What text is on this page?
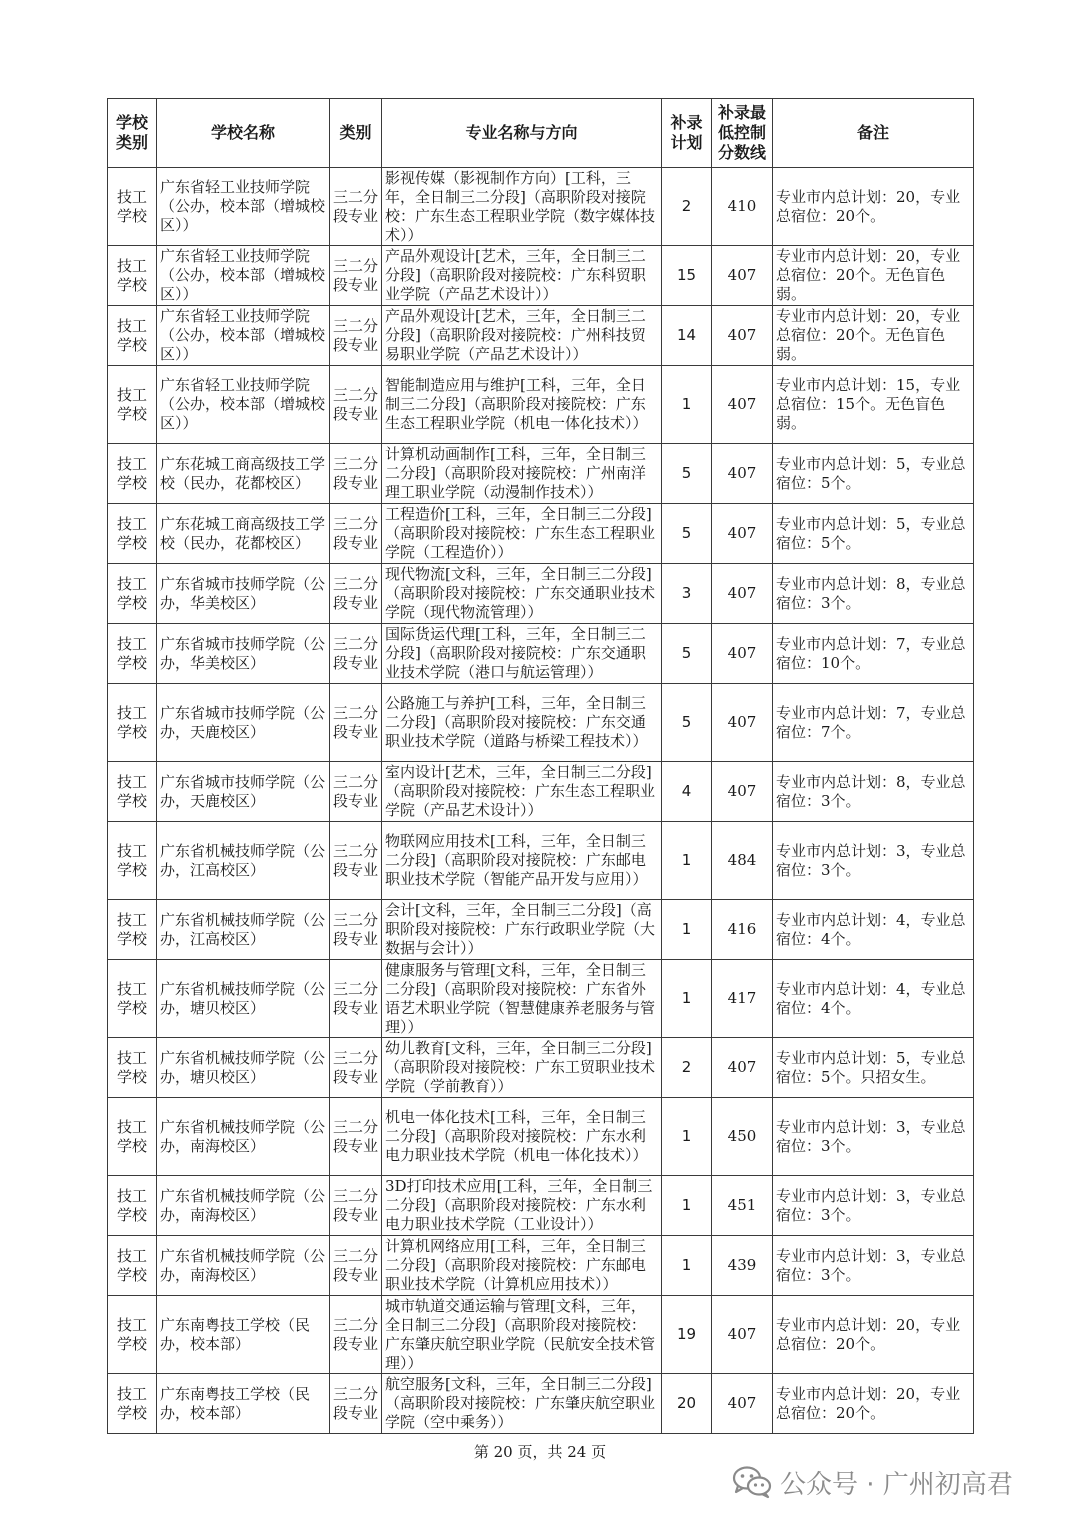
学校类别	学校名称	类别	专业名称与方向	补录计划	补录最低控制分数线	备注

技工学校	广东省轻工业技师学院（公办，校本部（增城校区））	三二分段专业	影视传媒（影视制作方向）[工科，三年，全日制三二分段]（高职阶段对接院校：广东生态工程职业学院（数字媒体技术））	2	410	专业市内总计划：20，专业总宿位：20个。

技工学校	广东省轻工业技师学院（公办，校本部（增城校区））	三二分段专业	产品外观设计[艺术，三年，全日制三二分段]（高职阶段对接院校：广东科贸职业学院（产品艺术设计））	15	407	专业市内总计划：20，专业总宿位：20个。无色盲色弱。

技工学校	广东省轻工业技师学院（公办，校本部（增城校区））	三二分段专业	产品外观设计[艺术，三年，全日制三二分段]（高职阶段对接院校：广州科技贸易职业学院（产品艺术设计））	14	407	专业市内总计划：20，专业总宿位：20个。无色盲色弱。

技工学校	广东省轻工业技师学院（公办，校本部（增城校区））	三二分段专业	智能制造应用与维护[工科，三年，全日制三二分段]（高职阶段对接院校：广东生态工程职业学院（机电一体化技术））	1	407	专业市内总计划：15，专业总宿位：15个。无色盲色弱。

技工学校	广东花城工商高级技工学校（民办，花都校区）	三二分段专业	计算机动画制作[工科，三年，全日制三二分段]（高职阶段对接院校：广州南洋理工职业学院（动漫制作技术））	5	407	专业市内总计划：5，专业总宿位：5个。

技工学校	广东花城工商高级技工学校（民办，花都校区）	三二分段专业	工程造价[工科，三年，全日制三二分段]（高职阶段对接院校：广东生态工程职业学院（工程造价））	5	407	专业市内总计划：5，专业总宿位：5个。

技工学校	广东省城市技师学院（公办，华美校区）	三二分段专业	现代物流[文科，三年，全日制三二分段]（高职阶段对接院校：广东交通职业技术学院（现代物流管理））	3	407	专业市内总计划：8，专业总宿位：3个。

技工学校	广东省城市技师学院（公办，华美校区）	三二分段专业	国际货运代理[工科，三年，全日制三二分段]（高职阶段对接院校：广东交通职业技术学院（港口与航运管理））	5	407	专业市内总计划：7，专业总宿位：10个。

技工学校	广东省城市技师学院（公办，天鹿校区）	三二分段专业	公路施工与养护[工科，三年，全日制三二分段]（高职阶段对接院校：广东交通职业技术学院（道路与桥梁工程技术））	5	407	专业市内总计划：7，专业总宿位：7个。

技工学校	广东省城市技师学院（公办，天鹿校区）	三二分段专业	室内设计[艺术，三年，全日制三二分段]（高职阶段对接院校：广东生态工程职业学院（产品艺术设计））	4	407	专业市内总计划：8，专业总宿位：3个。

技工学校	广东省机械技师学院（公办，江高校区）	三二分段专业	物联网应用技术[工科，三年，全日制三二分段]（高职阶段对接院校：广东邮电职业技术学院（智能产品开发与应用））	1	484	专业市内总计划：3，专业总宿位：3个。

技工学校	广东省机械技师学院（公办，江高校区）	三二分段专业	会计[文科，三年，全日制三二分段]（高职阶段对接院校：广东行政职业学院（大数据与会计））	1	416	专业市内总计划：4，专业总宿位：4个。

技工学校	广东省机械技师学院（公办，塘贝校区）	三二分段专业	健康服务与管理[文科，三年，全日制三二分段]（高职阶段对接院校：广东省外语艺术职业学院（智慧健康养老服务与管理））	1	417	专业市内总计划：4，专业总宿位：4个。

技工学校	广东省机械技师学院（公办，塘贝校区）	三二分段专业	幼儿教育[文科，三年，全日制三二分段]（高职阶段对接院校：广东工贸职业技术学院（学前教育））	2	407	专业市内总计划：5，专业总宿位：5个。只招女生。

技工学校	广东省机械技师学院（公办，南海校区）	三二分段专业	机电一体化技术[工科，三年，全日制三二分段]（高职阶段对接院校：广东水利电力职业技术学院（机电一体化技术））	1	450	专业市内总计划：3，专业总宿位：3个。

技工学校	广东省机械技师学院（公办，南海校区）	三二分段专业	3D打印技术应用[工科，三年，全日制三二分段]（高职阶段对接院校：广东水利电力职业技术学院（工业设计））	1	451	专业市内总计划：3，专业总宿位：3个。

技工学校	广东省机械技师学院（公办，南海校区）	三二分段专业	计算机网络应用[工科，三年，全日制三二分段]（高职阶段对接院校：广东邮电职业技术学院（计算机应用技术））	1	439	专业市内总计划：3，专业总宿位：3个。

技工学校	广东南粤技工学校（民办，校本部）	三二分段专业	城市轨道交通运输与管理[文科，三年，全日制三二分段]（高职阶段对接院校：广东肇庆航空职业学院（民航安全技术管理））	19	407	专业市内总计划：20，专业总宿位：20个。

技工学校	广东南粤技工学校（民办，校本部）	三二分段专业	航空服务[文科，三年，全日制三二分段]（高职阶段对接院校：广东肇庆航空职业学院（空中乘务））	20	407	专业市内总计划：20，专业总宿位：20个。
第 20 页，共 24 页
公众号 · 广州初高君
